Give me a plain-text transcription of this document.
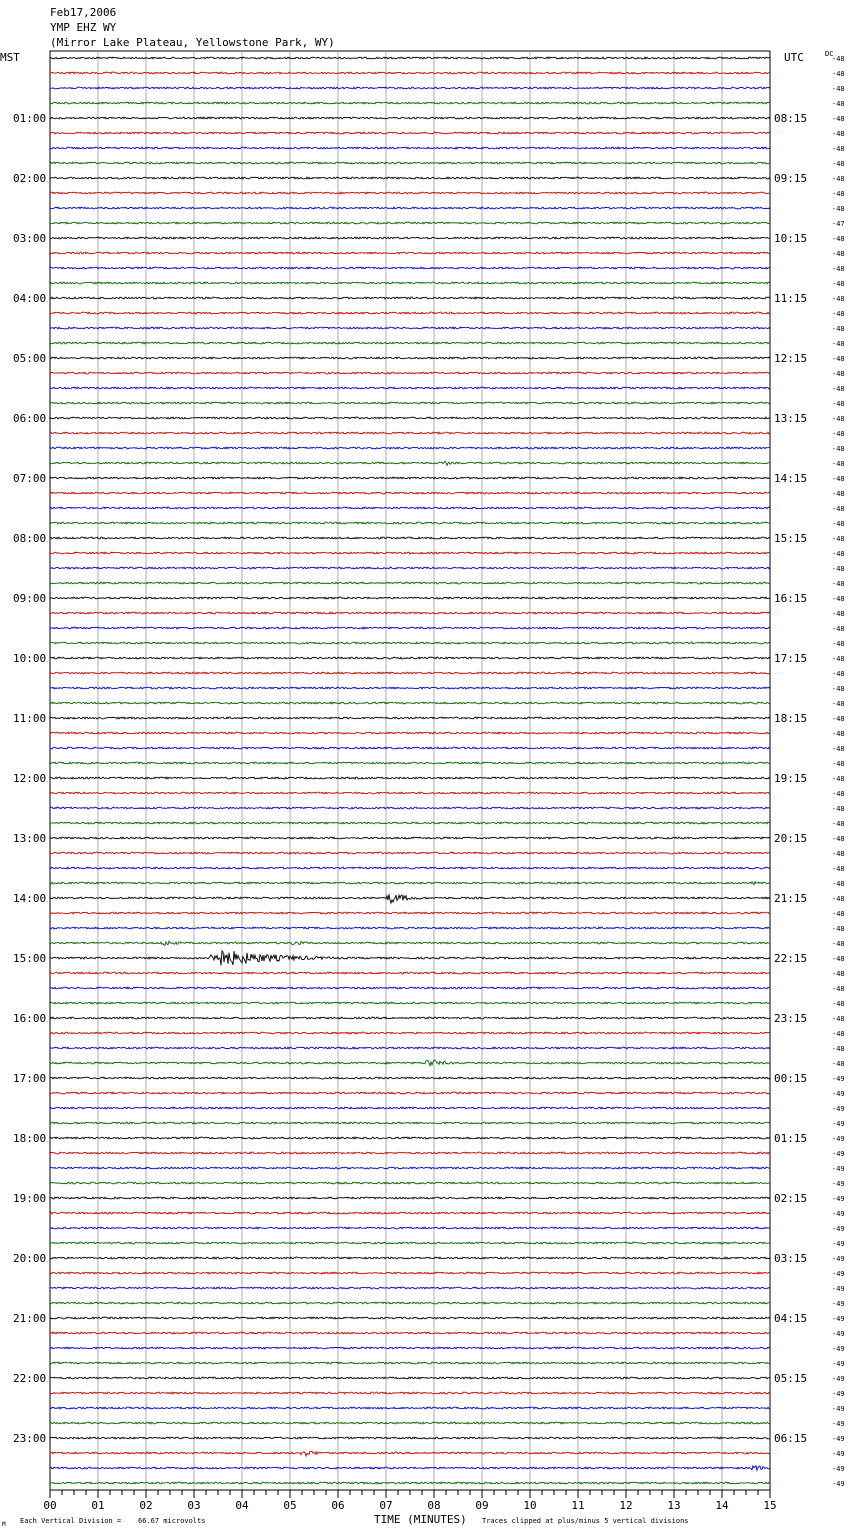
Feb17,2006
YMP EHZ WY
(Mirror Lake Plateau, Yellowstone Park, WY)
MST	UTC	DC
01:00
02:00
03:00
04:00
05:00
06:00
07:00
08:00
09:00
10:00
11:00
12:00
13:00
14:00
15:00
16:00
17:00
18:00
19:00
20:00
21:00
22:00
23:00
08:15
09:15
10:15
11:15
12:15
13:15
14:15
15:15
16:15
17:15
18:15
19:15
20:15
21:15
22:15
23:15
00:15
01:15
02:15
03:15
04:15
05:15
06:15
-48
-48
-48
-48
-48
-48
-48
-48
-48
-48
-48
-47
-48
-48
-48
-48
-48
-48
-48
-48
-48
-48
-48
-48
-48
-48
-48
-48
-48
-48
-48
-48
-48
-48
-48
-48
-48
-48
-48
-48
-48
-48
-48
-48
-48
-48
-48
-48
-48
-48
-48
-48
-48
-48
-48
-48
-48
-48
-48
-48
-48
-48
-48
-48
-48
-48
-48
-48
-49
-49
-49
-49
-49
-49
-49
-49
-49
-49
-49
-49
-49
-49
-49
-49
-49
-49
-49
-49
-49
-49
-49
-49
-49
-49
-49
-49
00	01	02	03	04	05	06	07	08	09	10	11	12	13	14	15
TIME (MINUTES)
Each Vertical Division =    66.67 microvolts	Traces clipped at plus/minus 5 vertical divisions
M
